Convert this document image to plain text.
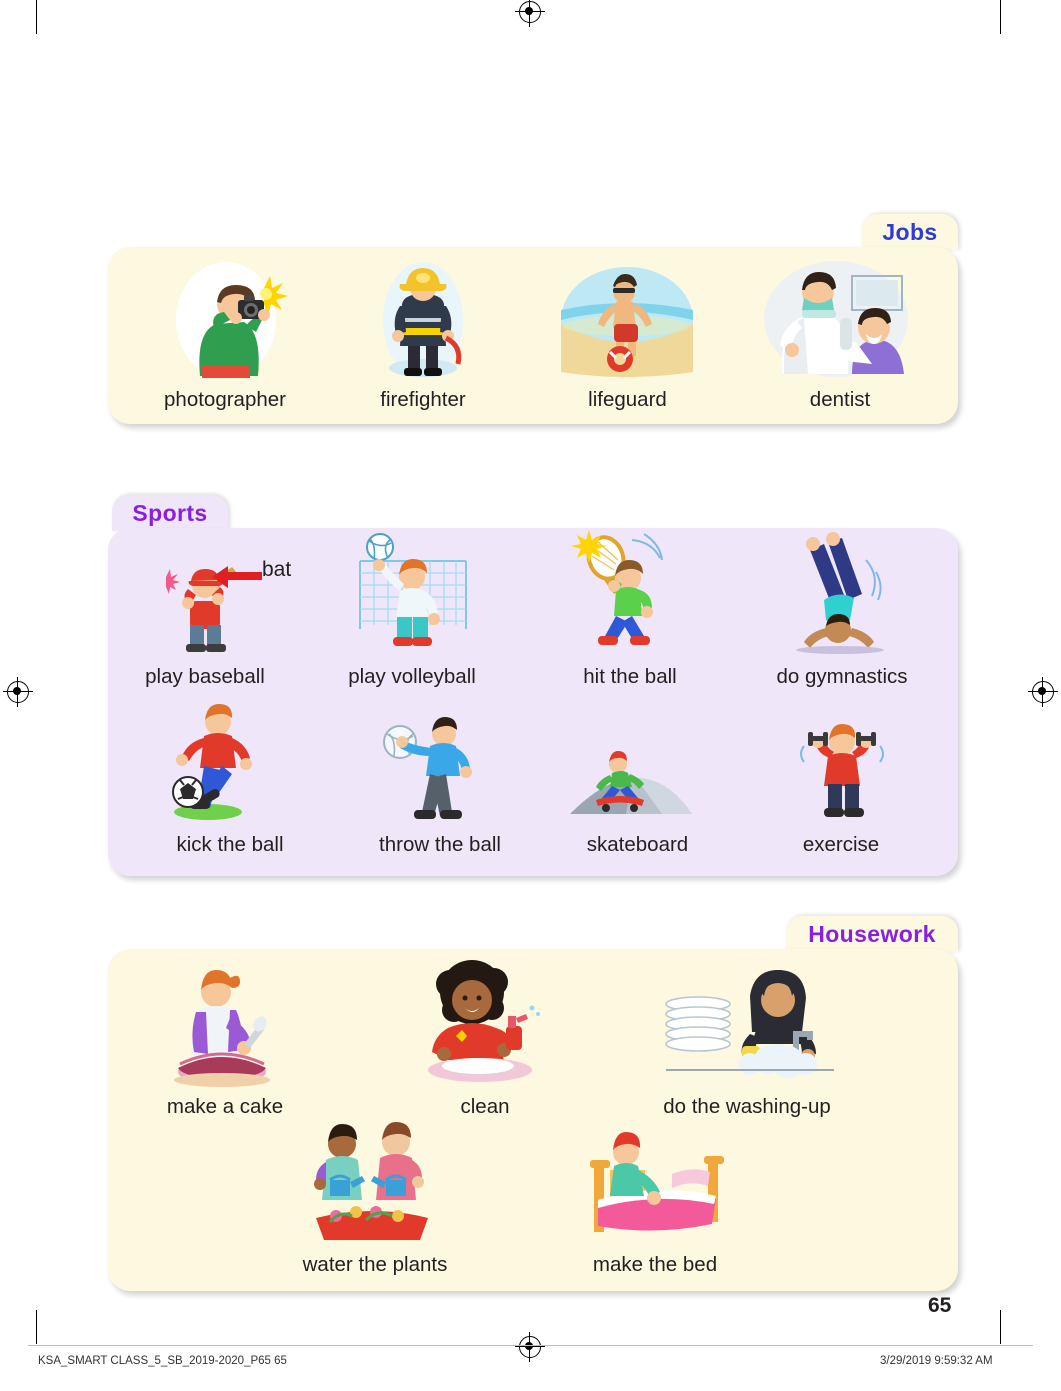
Jobs
photographer	firefighter	lifeguard	dentist
Sports
bat
play baseball	play volleyball	hit the ball	do gymnastics
kick the ball	throw the ball	skateboard	exercise
Housework
make a cake	clean	do the washing-up
water the plants	make the bed
65
KSA_SMART CLASS_5_SB_2019-2020_P65 65	3/29/2019 9:59:32 AM
